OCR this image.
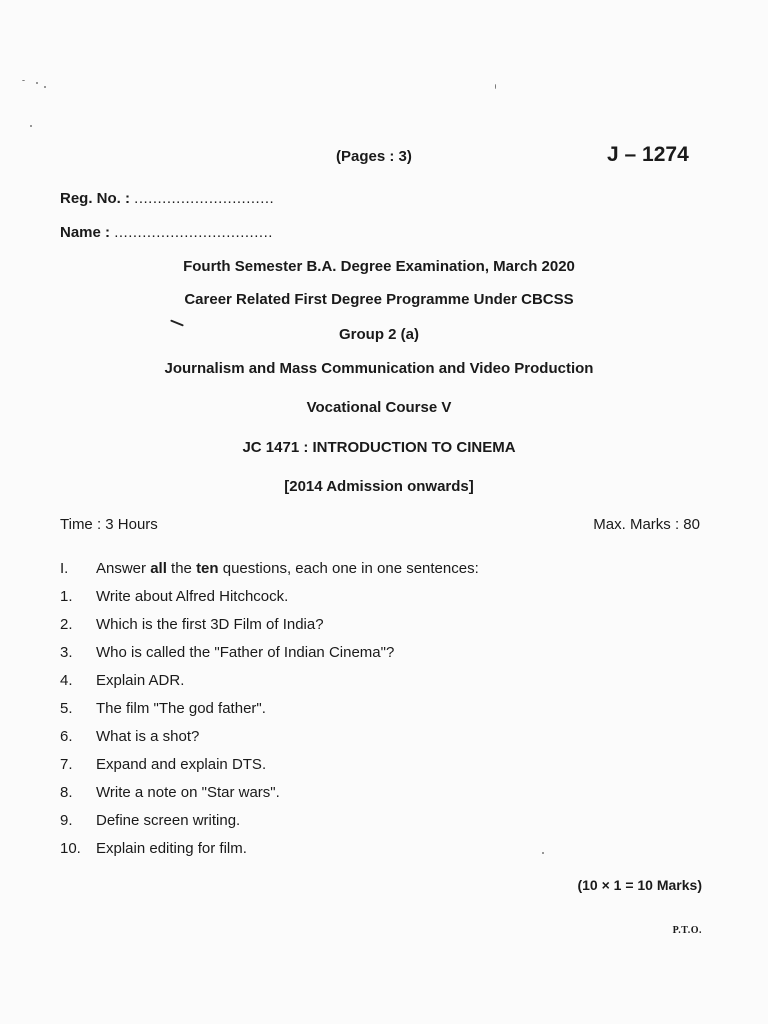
(Pages : 3)	J – 1274
Reg. No. : ..............................
Name : ..................................
Fourth Semester B.A. Degree Examination, March 2020
Career Related First Degree Programme Under CBCSS
Group 2 (a)
Journalism and Mass Communication and Video Production
Vocational Course V
JC 1471 : INTRODUCTION TO CINEMA
[2014 Admission onwards]
Time : 3 Hours	Max. Marks : 80
I.	Answer all the ten questions, each one in one sentences:
1.	Write about Alfred Hitchcock.
2.	Which is the first 3D Film of India?
3.	Who is called the "Father of Indian Cinema"?
4.	Explain ADR.
5.	The film "The god father".
6.	What is a shot?
7.	Expand and explain DTS.
8.	Write a note on "Star wars".
9.	Define screen writing.
10.	Explain editing for film.
(10 × 1 = 10 Marks)
P.T.O.
